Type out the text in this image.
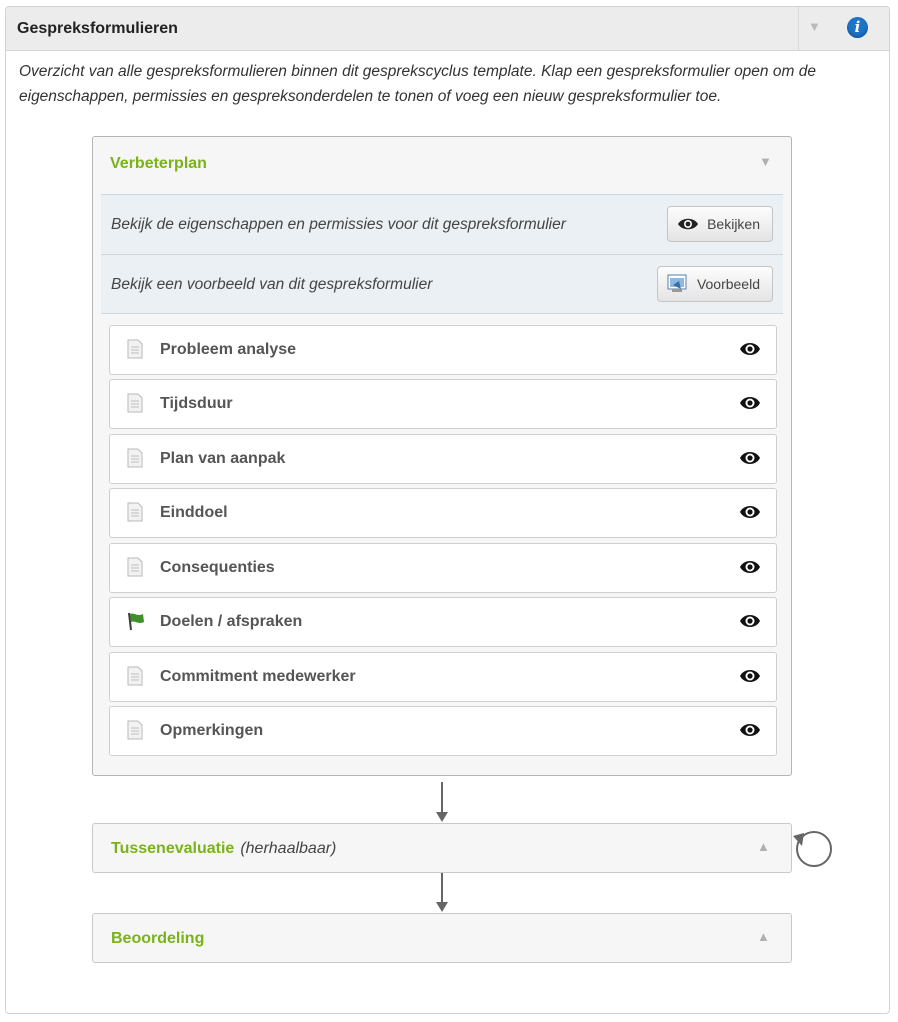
Gespreksformulieren	▼	i
Overzicht van alle gespreksformulieren binnen dit gesprekscyclus template. Klap een gespreksformulier open om de eigenschappen, permissies en gespreksonderdelen te tonen of voeg een nieuw gespreksformulier toe.
Verbeterplan	▼
Bekijk de eigenschappen en permissies voor dit gespreksformulier	Bekijken
Bekijk een voorbeeld van dit gespreksformulier	Voorbeeld
Probleem analyse
Tijdsduur
Plan van aanpak
Einddoel
Consequenties
Doelen / afspraken
Commitment medewerker
Opmerkingen
Tussenevaluatie (herhaalbaar)	▲
Beoordeling	▲
